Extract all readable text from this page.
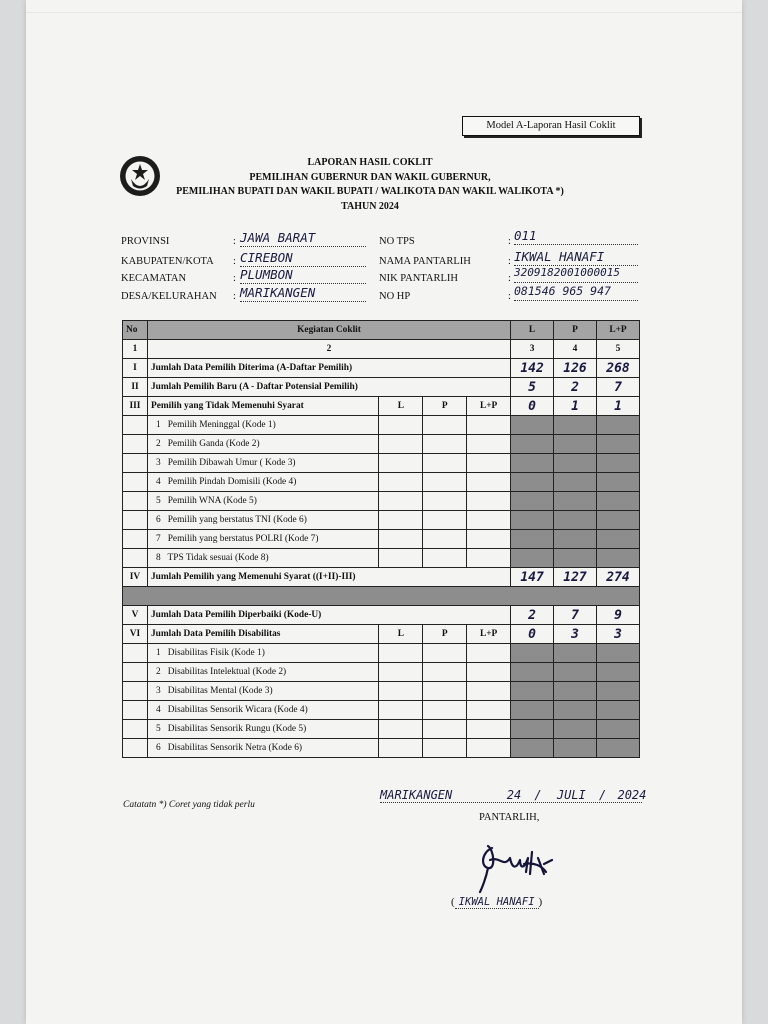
Model A-Laporan Hasil Coklit
LAPORAN HASIL COKLIT
PEMILIHAN GUBERNUR DAN WAKIL GUBERNUR,
PEMILIHAN BUPATI DAN WAKIL BUPATI / WALIKOTA DAN WAKIL WALIKOTA *)
TAHUN 2024
PROVINSI	: JAWA BARAT
KABUPATEN/KOTA : CIREBON
KECAMATAN	: PLUMBON
DESA/KELURAHAN : MARIKANGEN
NO TPS	: 011
NAMA PANTARLIH	: IKWAL HANAFI
NIK PANTARLIH	: 3209182001000015
NO HP	: 081546 965 947
No	Kegiatan Coklit				L	P	L+P
1	2				3	4	5
I	Jumlah Data Pemilih Diterima (A-Daftar Pemilih)				142	126	268
II	Jumlah Pemilih Baru (A - Daftar Potensial Pemilih)				5	2	7
III	Pemilih yang Tidak Memenuhi Syarat	L	P	L+P	0	1	1
	1 Pemilih Meninggal (Kode 1)						
	2 Pemilih Ganda (Kode 2)						
	3 Pemilih Dibawah Umur ( Kode 3)						
	4 Pemilih Pindah Domisili (Kode 4)						
	5 Pemilih WNA (Kode 5)						
	6 Pemilih yang berstatus TNI (Kode 6)						
	7 Pemilih yang berstatus POLRI (Kode 7)						
	8 TPS Tidak sesuai (Kode 8)						
IV	Jumlah Pemilih yang Memenuhi Syarat ((I+II)-III)				147	127	274

V	Jumlah Data Pemilih Diperbaiki (Kode-U)				2	7	9
VI	Jumlah Data Pemilih Disabilitas	L	P	L+P	0	3	3
	1 Disabilitas Fisik (Kode 1)						
	2 Disabilitas Intelektual (Kode 2)						
	3 Disabilitas Mental (Kode 3)						
	4 Disabilitas Sensorik Wicara (Kode 4)						
	5 Disabilitas Sensorik Rungu (Kode 5)						
	6 Disabilitas Sensorik Netra (Kode 6)						
Catatatn *) Coret yang tidak perlu
MARIKANGEN	24 / JULI / 2024
PANTARLIH,
( IKWAL HANAFI )
